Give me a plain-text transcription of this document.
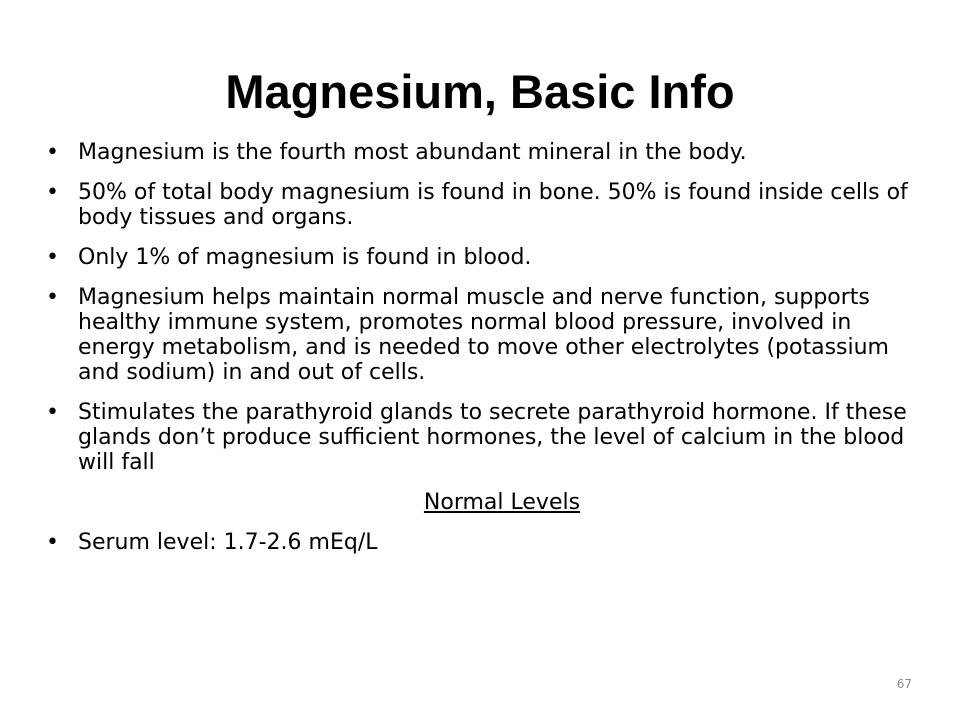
Magnesium, Basic Info
• Magnesium is the fourth most abundant mineral in the body.
• 50% of total body magnesium is found in bone. 50% is found inside cells of body tissues and organs.
• Only 1% of magnesium is found in blood.
• Magnesium helps maintain normal muscle and nerve function, supports healthy immune system, promotes normal blood pressure, involved in energy metabolism, and is needed to move other electrolytes (potassium and sodium) in and out of cells.
• Stimulates the parathyroid glands to secrete parathyroid hormone. If these glands don’t produce sufficient hormones, the level of calcium in the blood will fall
Normal Levels
• Serum level: 1.7-2.6 mEq/L
67
